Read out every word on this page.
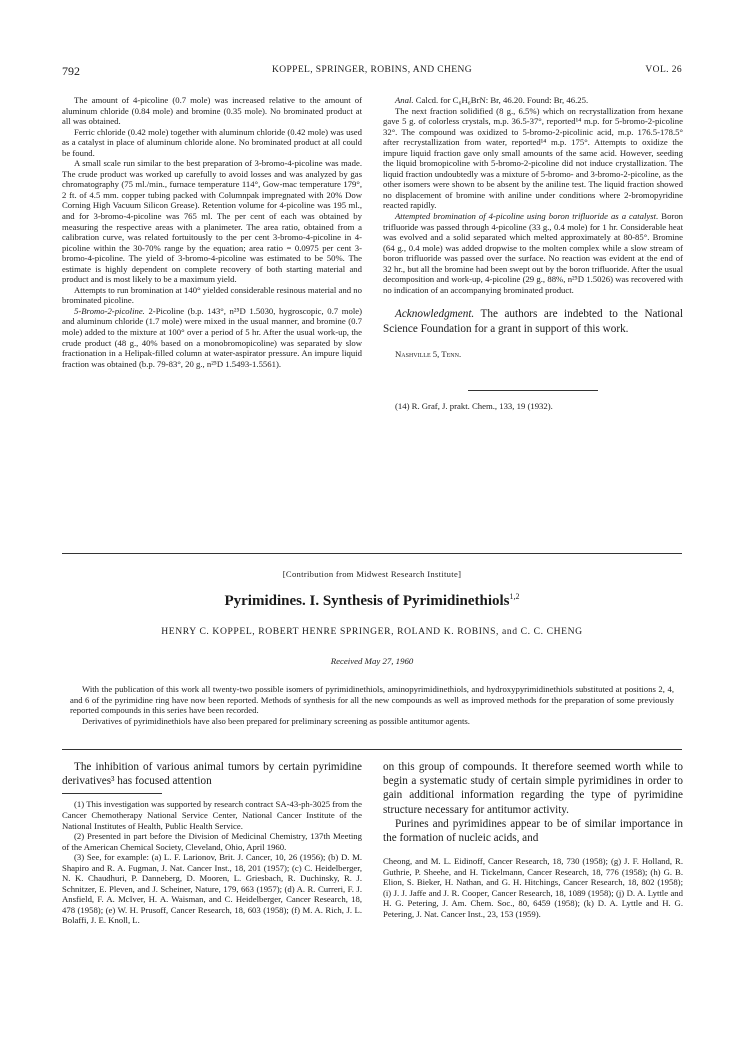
792	KOPPEL, SPRINGER, ROBINS, AND CHENG	VOL. 26

The amount of 4-picoline (0.7 mole) was increased relative to the amount of aluminum chloride (0.84 mole) and bromine (0.35 mole). No brominated product at all was obtained.

Ferric chloride (0.42 mole) together with aluminum chloride (0.42 mole) was used as a catalyst in place of aluminum chloride alone. No brominated product at all could be found.

A small scale run similar to the best preparation of 3-bromo-4-picoline was made. The crude product was worked up carefully to avoid losses and was analyzed by gas chromatography (75 ml./min., furnace temperature 114°, Gow-mac temperature 179°, 2 ft. of 4.5 mm. copper tubing packed with Columnpak impregnated with 20% Dow Corning High Vacuum Silicon Grease). Retention volume for 4-picoline was 195 ml., and for 3-bromo-4-picoline was 765 ml. The per cent of each was obtained by measuring the respective areas with a planimeter. The area ratio, obtained from a calibration curve, was related fortuitously to the per cent 3-bromo-4-picoline in 4-picoline within the 30-70% range by the equation; area ratio = 0.0975 per cent 3-bromo-4-picoline. The yield of 3-bromo-4-picoline was estimated to be 50%. The estimate is highly dependent on complete recovery of both starting material and product and is most likely to be a maximum yield.

Attempts to run bromination at 140° yielded considerable resinous material and no brominated picoline.

5-Bromo-2-picoline. 2-Picoline (b.p. 143°, n²⁵D 1.5030, hygroscopic, 0.7 mole) and aluminum chloride (1.7 mole) were mixed in the usual manner, and bromine (0.7 mole) added to the mixture at 100° over a period of 5 hr. After the usual work-up, the crude product (48 g., 40% based on a monobromopicoline) was separated by slow fractionation in a Helipak-filled column at water-aspirator pressure. An impure liquid fraction was obtained (b.p. 79-83°, 20 g., n²⁵D 1.5493-1.5561).

Anal. Calcd. for C₆H₆BrN: Br, 46.20. Found: Br, 46.25.

The next fraction solidified (8 g., 6.5%) which on recrystallization from hexane gave 5 g. of colorless crystals, m.p. 36.5-37°, reported¹⁴ m.p. for 5-bromo-2-picoline 32°. The compound was oxidized to 5-bromo-2-picolinic acid, m.p. 176.5-178.5° after recrystallization from water, reported¹⁴ m.p. 175°. Attempts to oxidize the impure liquid fraction gave only small amounts of the same acid. However, seeding the liquid bromopicoline with 5-bromo-2-picoline did not induce crystallization. The liquid fraction undoubtedly was a mixture of 5-bromo- and 3-bromo-2-picoline, as the other isomers were shown to be absent by the aniline test. The liquid fraction showed no displacement of bromine with aniline under conditions where 2-bromopyridine reacted rapidly.

Attempted bromination of 4-picoline using boron trifluoride as a catalyst. Boron trifluoride was passed through 4-picoline (33 g., 0.4 mole) for 1 hr. Considerable heat was evolved and a solid separated which melted approximately at 80-85°. Bromine (64 g., 0.4 mole) was added dropwise to the molten complex while a slow stream of boron trifluoride was passed over the surface. No reaction was evident at the end of 32 hr., but all the bromine had been swept out by the boron trifluoride. After the usual decomposition and work-up, 4-picoline (29 g., 88%, n²⁵D 1.5026) was recovered with no indication of an accompanying brominated product.

Acknowledgment. The authors are indebted to the National Science Foundation for a grant in support of this work.

Nashville 5, Tenn.

(14) R. Graf, J. prakt. Chem., 133, 19 (1932).

[Contribution from Midwest Research Institute]
Pyrimidines. I. Synthesis of Pyrimidinethiols$^{1,2}$
HENRY C. KOPPEL, ROBERT HENRE SPRINGER, ROLAND K. ROBINS, and C. C. CHENG
Received May 27, 1960

With the publication of this work all twenty-two possible isomers of pyrimidinethiols, aminopyrimidinethiols, and hydroxypyrimidinethiols substituted at positions 2, 4, and 6 of the pyrimidine ring have now been reported. Methods of synthesis for all the new compounds as well as improved methods for the preparation of some previously reported compounds in this series have been recorded.

Derivatives of pyrimidinethiols have also been prepared for preliminary screening as possible antitumor agents.

The inhibition of various animal tumors by certain pyrimidine derivatives³ has focused attention

(1) This investigation was supported by research contract SA-43-ph-3025 from the Cancer Chemotherapy National Service Center, National Cancer Institute of the National Institutes of Health, Public Health Service.

(2) Presented in part before the Division of Medicinal Chemistry, 137th Meeting of the American Chemical Society, Cleveland, Ohio, April 1960.

(3) See, for example: (a) L. F. Larionov, Brit. J. Cancer, 10, 26 (1956); (b) D. M. Shapiro and R. A. Fugman, J. Nat. Cancer Inst., 18, 201 (1957); (c) C. Heidelberger, N. K. Chaudhuri, P. Danneberg, D. Mooren, L. Griesbach, R. Duchinsky, R. J. Schnitzer, E. Pleven, and J. Scheiner, Nature, 179, 663 (1957); (d) A. R. Curreri, F. J. Ansfield, F. A. McIver, H. A. Waisman, and C. Heidelberger, Cancer Research, 18, 478 (1958); (e) W. H. Prusoff, Cancer Research, 18, 603 (1958); (f) M. A. Rich, J. L. Bolaffi, J. E. Knoll, L.

on this group of compounds. It therefore seemed worth while to begin a systematic study of certain simple pyrimidines in order to gain additional information regarding the type of pyrimidine structure necessary for antitumor activity.

Purines and pyrimidines appear to be of similar importance in the formation of nucleic acids, and

Cheong, and M. L. Eidinoff, Cancer Research, 18, 730 (1958); (g) J. F. Holland, R. Guthrie, P. Sheehe, and H. Tickelmann, Cancer Research, 18, 776 (1958); (h) G. B. Elion, S. Bieker, H. Nathan, and G. H. Hitchings, Cancer Research, 18, 802 (1958); (i) J. J. Jaffe and J. R. Cooper, Cancer Research, 18, 1089 (1958); (j) D. A. Lyttle and H. G. Petering, J. Am. Chem. Soc., 80, 6459 (1958); (k) D. A. Lyttle and H. G. Petering, J. Nat. Cancer Inst., 23, 153 (1959).
